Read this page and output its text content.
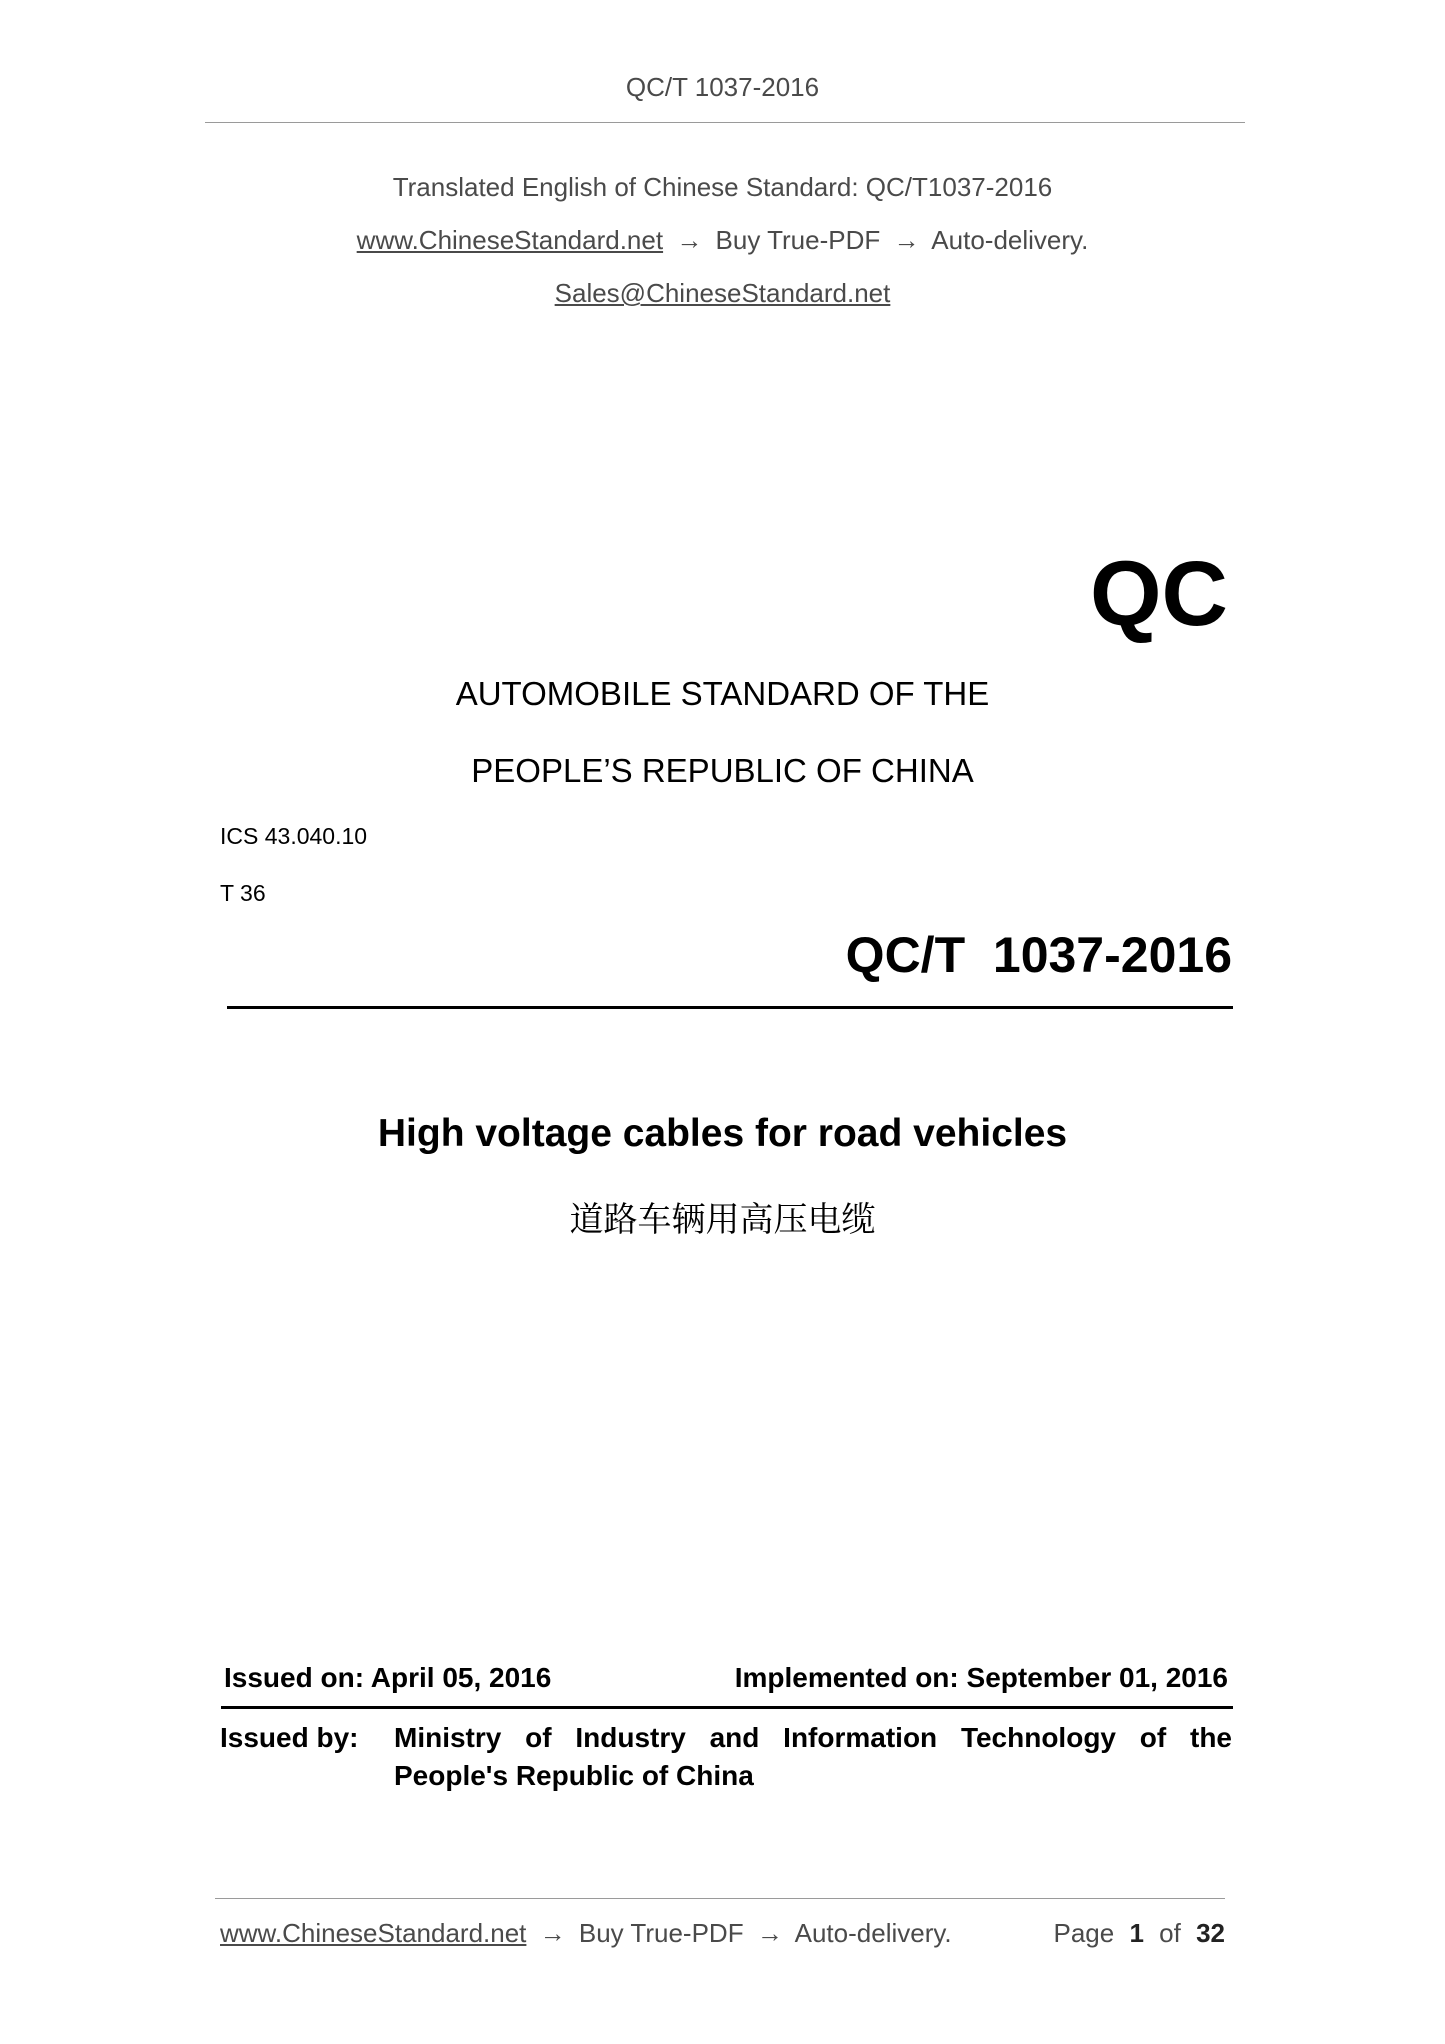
QC/T 1037-2016
Translated English of Chinese Standard: QC/T1037-2016
www.ChineseStandard.net → Buy True-PDF → Auto-delivery.
Sales@ChineseStandard.net
QC
AUTOMOBILE STANDARD OF THE
PEOPLE’S REPUBLIC OF CHINA
ICS 43.040.10
T 36
QC/T  1037-2016
High voltage cables for road vehicles
道路车辆用高压电缆
Issued on: April 05, 2016	Implemented on: September 01, 2016
Issued by: Ministry of Industry and Information Technology of the
People's Republic of China
www.ChineseStandard.net → Buy True-PDF → Auto-delivery.	Page 1 of 32
